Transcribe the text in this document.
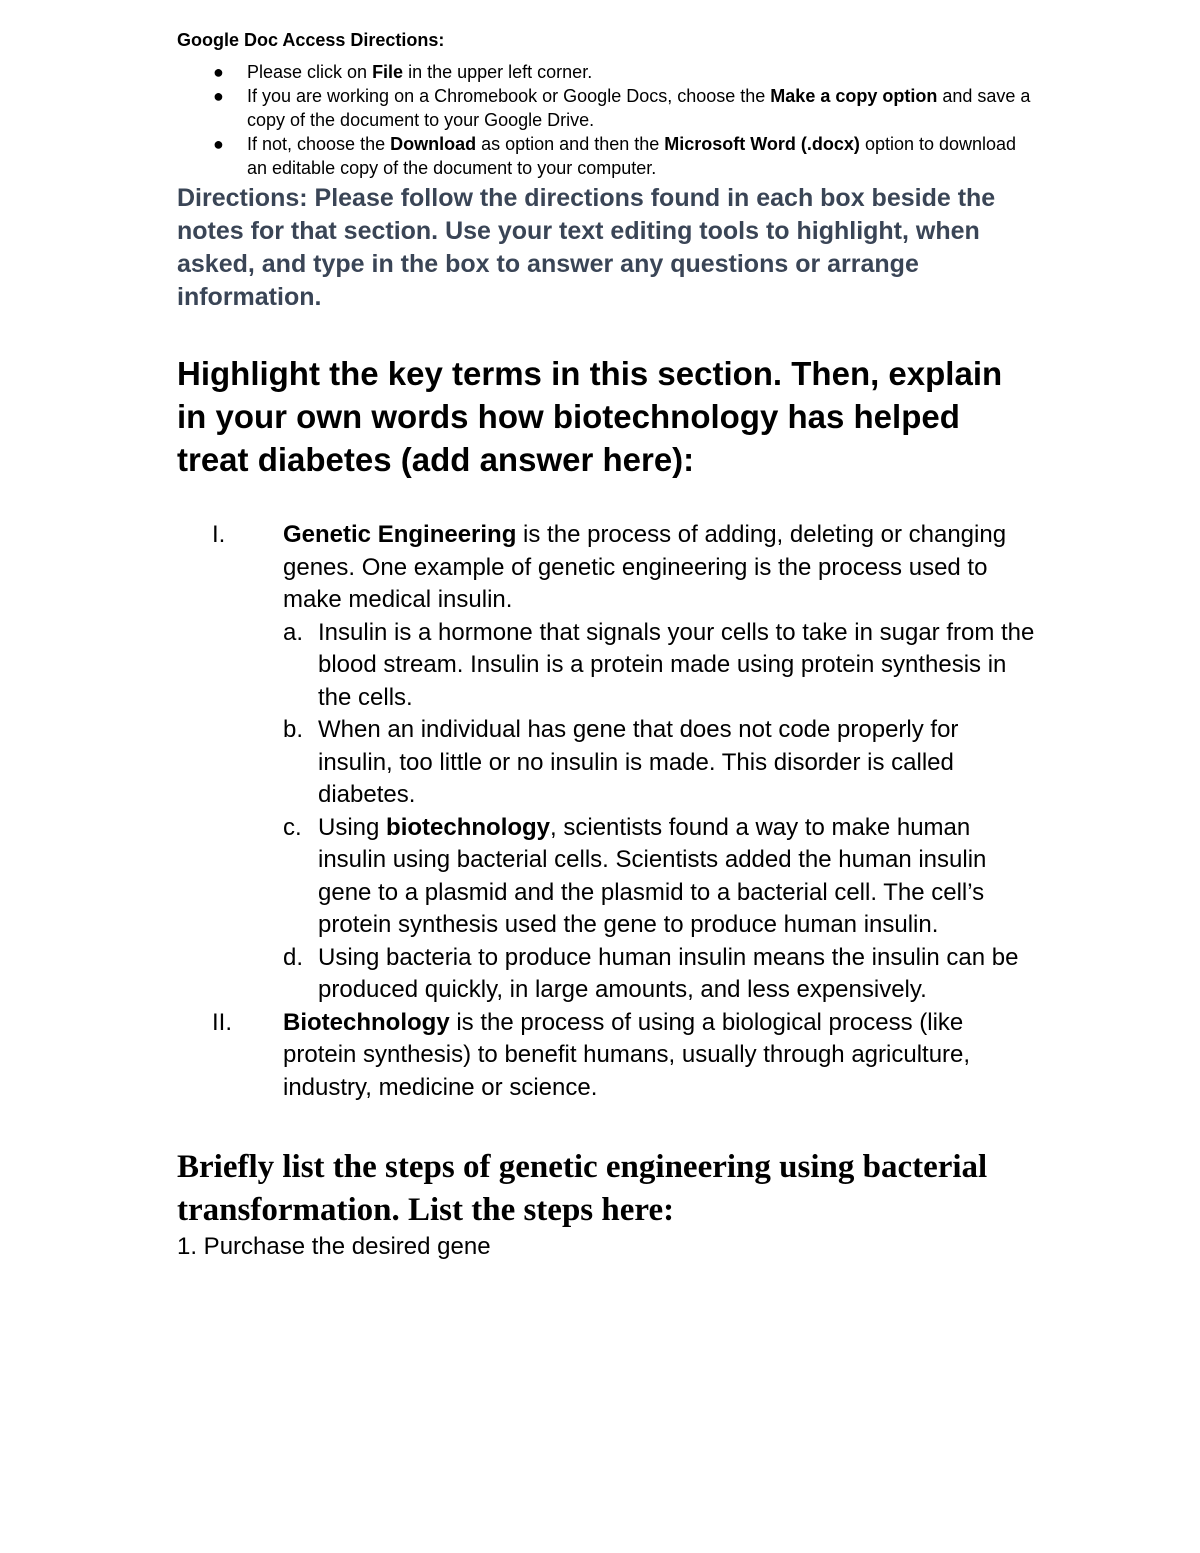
Google Doc Access Directions:
● Please click on File in the upper left corner.
● If you are working on a Chromebook or Google Docs, choose the Make a copy option and save a copy of the document to your Google Drive.
● If not, choose the Download as option and then the Microsoft Word (.docx) option to download an editable copy of the document to your computer.
Directions: Please follow the directions found in each box beside the notes for that section. Use your text editing tools to highlight, when asked, and type in the box to answer any questions or arrange information.
Highlight the key terms in this section. Then, explain in your own words how biotechnology has helped treat diabetes (add answer here):
I. Genetic Engineering is the process of adding, deleting or changing genes. One example of genetic engineering is the process used to make medical insulin.
a. Insulin is a hormone that signals your cells to take in sugar from the blood stream. Insulin is a protein made using protein synthesis in the cells.
b. When an individual has gene that does not code properly for insulin, too little or no insulin is made. This disorder is called diabetes.
c. Using biotechnology, scientists found a way to make human insulin using bacterial cells. Scientists added the human insulin gene to a plasmid and the plasmid to a bacterial cell. The cell’s protein synthesis used the gene to produce human insulin.
d. Using bacteria to produce human insulin means the insulin can be produced quickly, in large amounts, and less expensively.
II. Biotechnology is the process of using a biological process (like protein synthesis) to benefit humans, usually through agriculture, industry, medicine or science.
Briefly list the steps of genetic engineering using bacterial transformation. List the steps here:
1. Purchase the desired gene
